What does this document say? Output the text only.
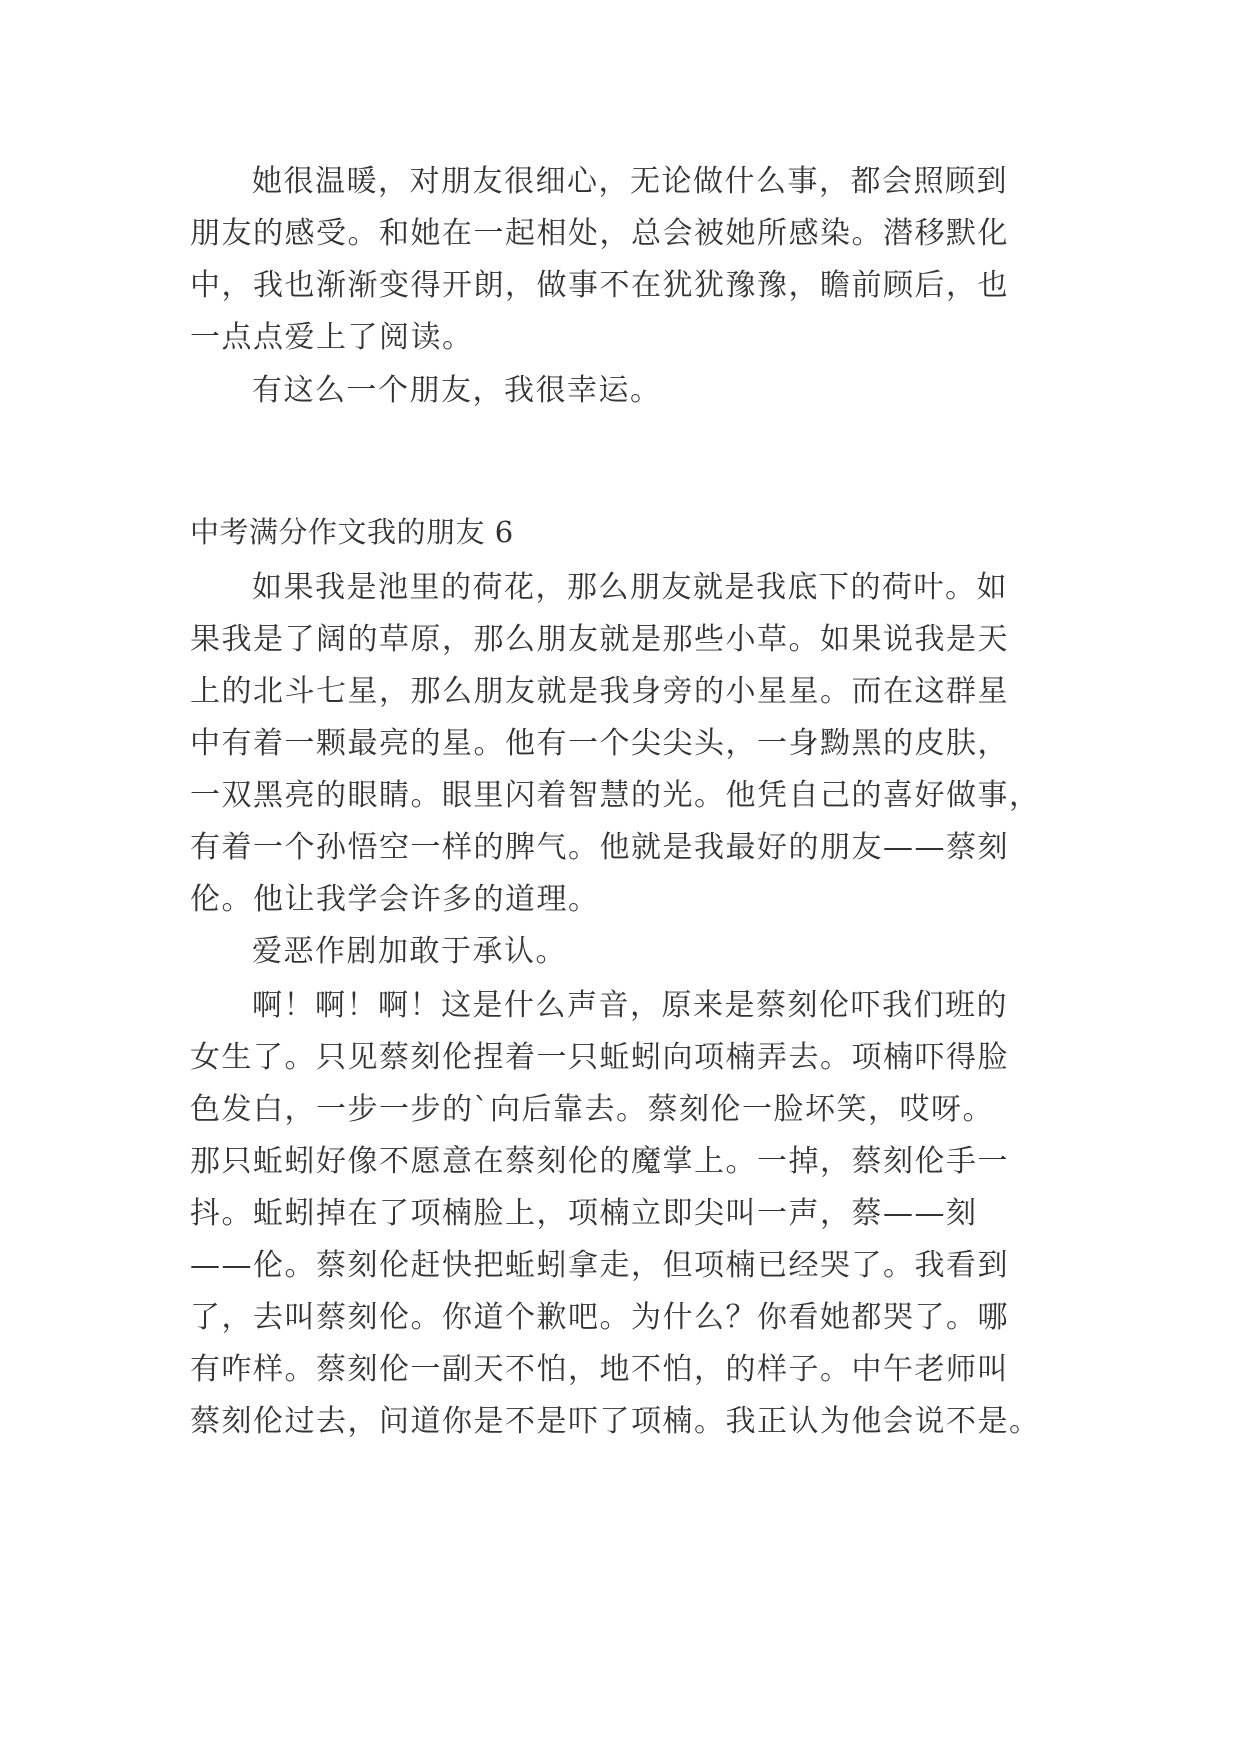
她很温暖，对朋友很细心，无论做什么事，都会照顾到
朋友的感受。和她在一起相处，总会被她所感染。潜移默化
中，我也渐渐变得开朗，做事不在犹犹豫豫，瞻前顾后，也
一点点爱上了阅读。
有这么一个朋友，我很幸运。
中考满分作文我的朋友 6
如果我是池里的荷花，那么朋友就是我底下的荷叶。如
果我是了阔的草原，那么朋友就是那些小草。如果说我是天
上的北斗七星，那么朋友就是我身旁的小星星。而在这群星
中有着一颗最亮的星。他有一个尖尖头，一身黝黑的皮肤，
一双黑亮的眼睛。眼里闪着智慧的光。他凭自己的喜好做事，
有着一个孙悟空一样的脾气。他就是我最好的朋友——蔡刻
伦。他让我学会许多的道理。
爱恶作剧加敢于承认。
啊！啊！啊！这是什么声音，原来是蔡刻伦吓我们班的
女生了。只见蔡刻伦捏着一只蚯蚓向项楠弄去。项楠吓得脸
色发白，一步一步的`向后靠去。蔡刻伦一脸坏笑，哎呀。
那只蚯蚓好像不愿意在蔡刻伦的魔掌上。一掉，蔡刻伦手一
抖。蚯蚓掉在了项楠脸上，项楠立即尖叫一声，蔡——刻
——伦。蔡刻伦赶快把蚯蚓拿走，但项楠已经哭了。我看到
了，去叫蔡刻伦。你道个歉吧。为什么？你看她都哭了。哪
有咋样。蔡刻伦一副天不怕，地不怕，的样子。中午老师叫
蔡刻伦过去，问道你是不是吓了项楠。我正认为他会说不是。
